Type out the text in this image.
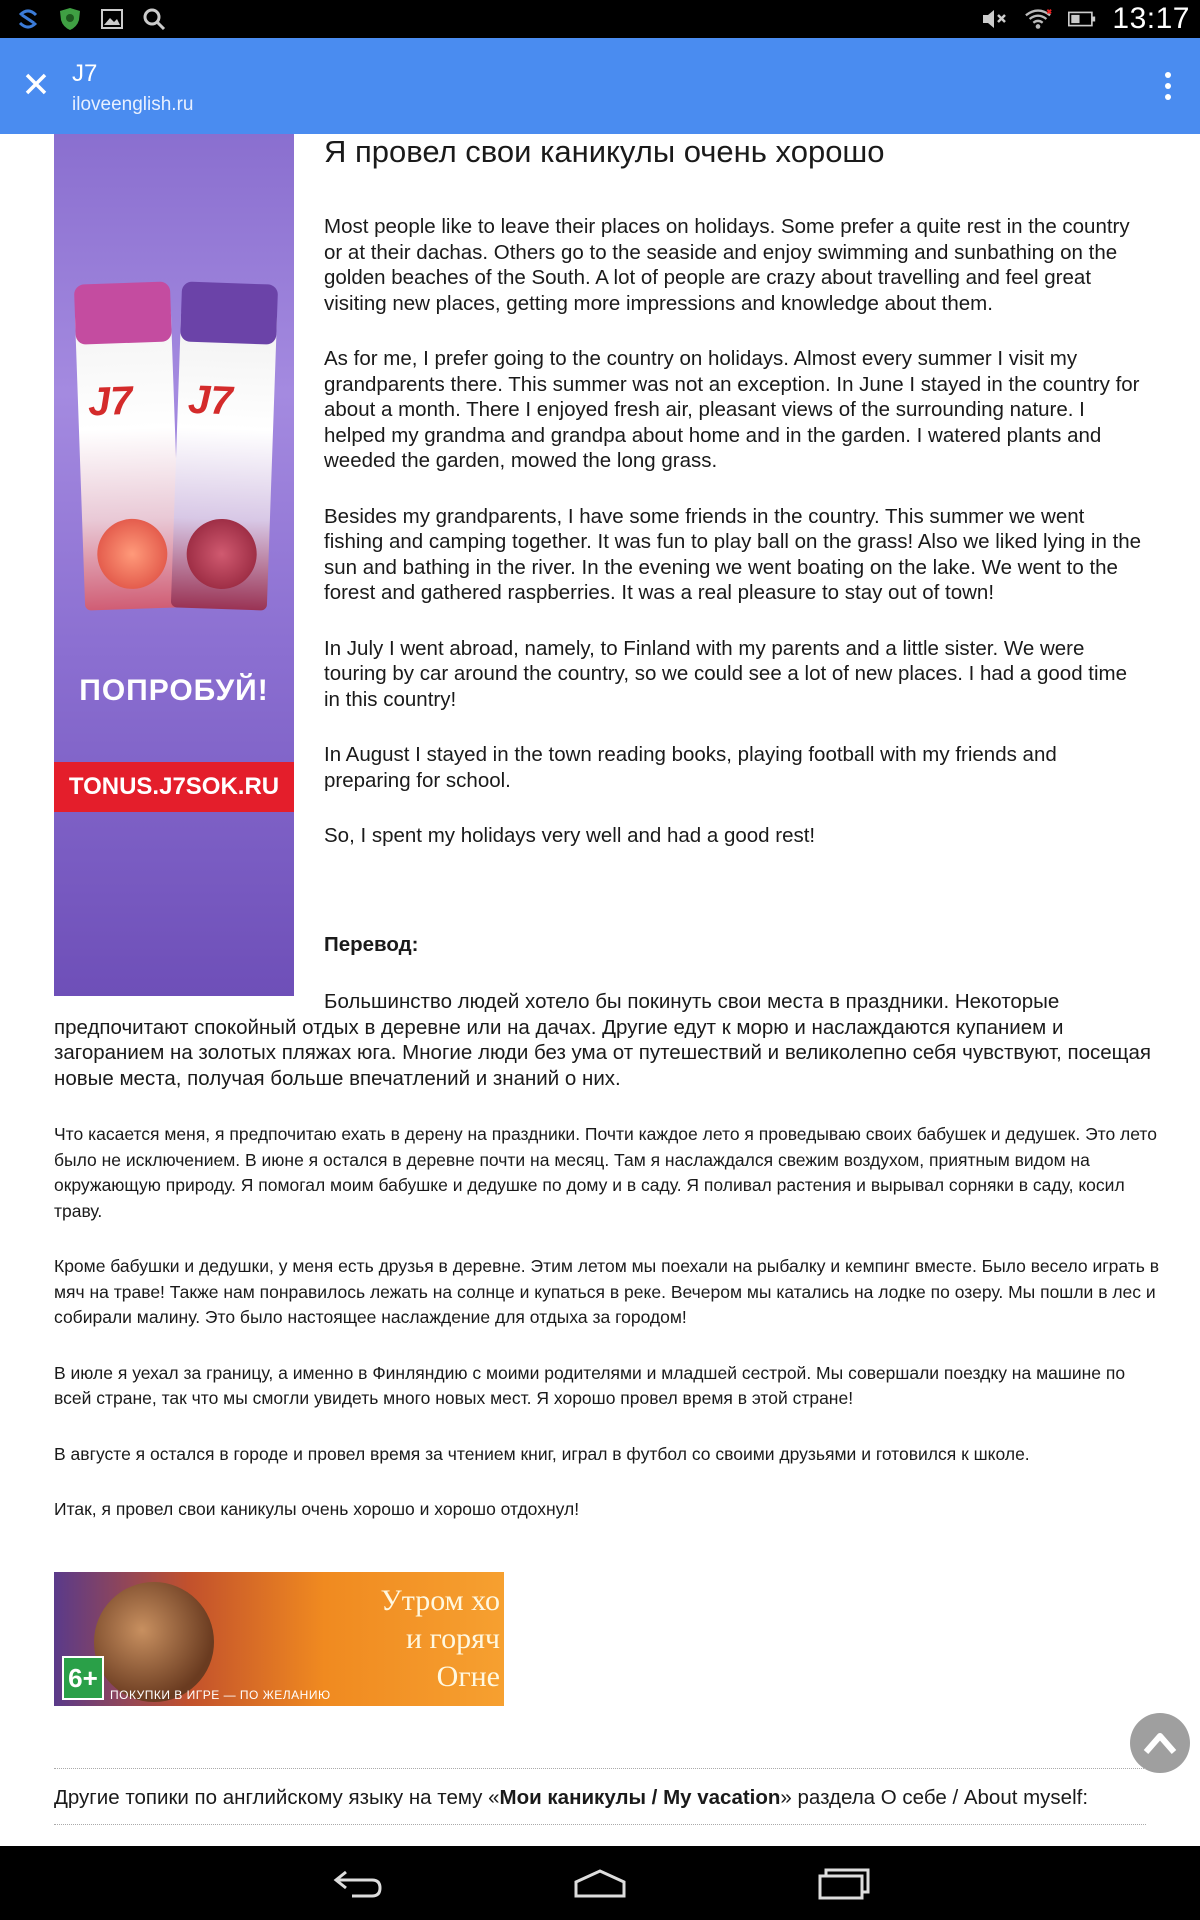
13:17
J7
iloveenglish.ru
J7 J7
ПОПРОБУЙ!
TONUS.J7SOK.RU
Я провел свои каникулы очень хорошо

Most people like to leave their places on holidays. Some prefer a quite rest in the country or at their dachas. Others go to the seaside and enjoy swimming and sunbathing on the golden beaches of the South. A lot of people are crazy about travelling and feel great visiting new places, getting more impressions and knowledge about them.

As for me, I prefer going to the country on holidays. Almost every summer I visit my grandparents there. This summer was not an exception. In June I stayed in the country for about a month. There I enjoyed fresh air, pleasant views of the surrounding nature. I helped my grandma and grandpa about home and in the garden. I watered plants and weeded the garden, mowed the long grass.

Besides my grandparents, I have some friends in the country. This summer we went fishing and camping together. It was fun to play ball on the grass! Also we liked lying in the sun and bathing in the river. In the evening we went boating on the lake. We went to the forest and gathered raspberries. It was a real pleasure to stay out of town!

In July I went abroad, namely, to Finland with my parents and a little sister. We were touring by car around the country, so we could see a lot of new places. I had a good time in this country!

In August I stayed in the town reading books, playing football with my friends and preparing for school.

So, I spent my holidays very well and had a good rest!

Перевод:
Большинство людей хотело бы покинуть свои места в праздники. Некоторые предпочитают спокойный отдых в деревне или на дачах. Другие едут к морю и наслаждаются купанием и загоранием на золотых пляжах юга. Многие люди без ума от путешествий и великолепно себя чувствуют, посещая новые места, получая больше впечатлений и знаний о них.

Что касается меня, я предпочитаю ехать в дерену на праздники. Почти каждое лето я проведываю своих бабушек и дедушек. Это лето было не исключением. В июне я остался в деревне почти на месяц. Там я наслаждался свежим воздухом, приятным видом на окружающую природу. Я помогал моим бабушке и дедушке по дому и в саду. Я поливал растения и вырывал сорняки в саду, косил траву.

Кроме бабушки и дедушки, у меня есть друзья в деревне. Этим летом мы поехали на рыбалку и кемпинг вместе. Было весело играть в мяч на траве! Также нам понравилось лежать на солнце и купаться в реке. Вечером мы катались на лодке по озеру. Мы пошли в лес и собирали малину. Это было настоящее наслаждение для отдыха за городом!

В июле я уехал за границу, а именно в Финляндию с моими родителями и младшей сестрой. Мы совершали поездку на машине по всей стране, так что мы смогли увидеть много новых мест. Я хорошо провел время в этой стране!

В августе я остался в городе и провел время за чтением книг, играл в футбол со своими друзьями и готовился к школе.

Итак, я провел свои каникулы очень хорошо и хорошо отдохнул!

6+
Утром хо
и горяч
Огне
ПОКУПКИ В ИГРЕ — ПО ЖЕЛАНИЮ
Другие топики по английскому языку на тему «Мои каникулы / My vacation» раздела О себе / About myself:
